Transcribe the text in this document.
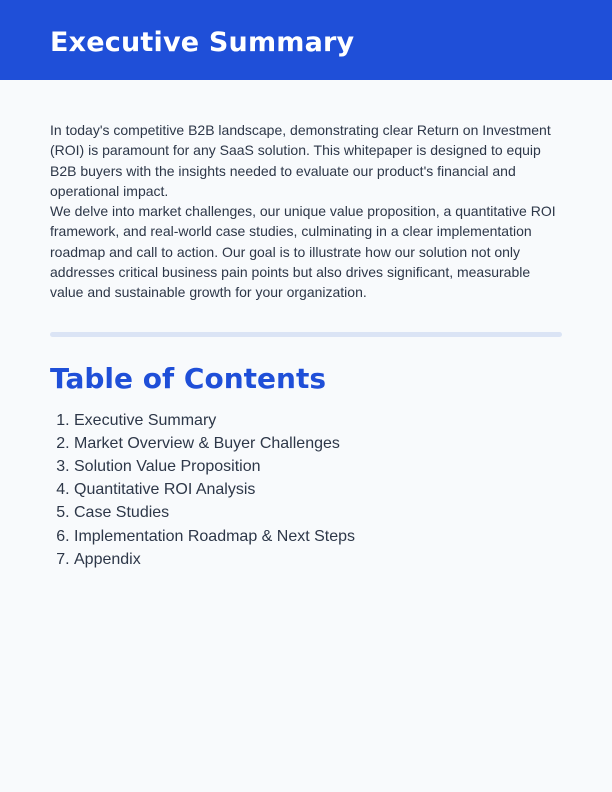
Executive Summary

In today's competitive B2B landscape, demonstrating clear Return on Investment (ROI) is paramount for any SaaS solution. This whitepaper is designed to equip B2B buyers with the insights needed to evaluate our product's financial and operational impact.

We delve into market challenges, our unique value proposition, a quantitative ROI framework, and real-world case studies, culminating in a clear implementation roadmap and call to action. Our goal is to illustrate how our solution not only addresses critical business pain points but also drives significant, measurable value and sustainable growth for your organization.

Table of Contents
1. Executive Summary
2. Market Overview & Buyer Challenges
3. Solution Value Proposition
4. Quantitative ROI Analysis
5. Case Studies
6. Implementation Roadmap & Next Steps
7. Appendix
